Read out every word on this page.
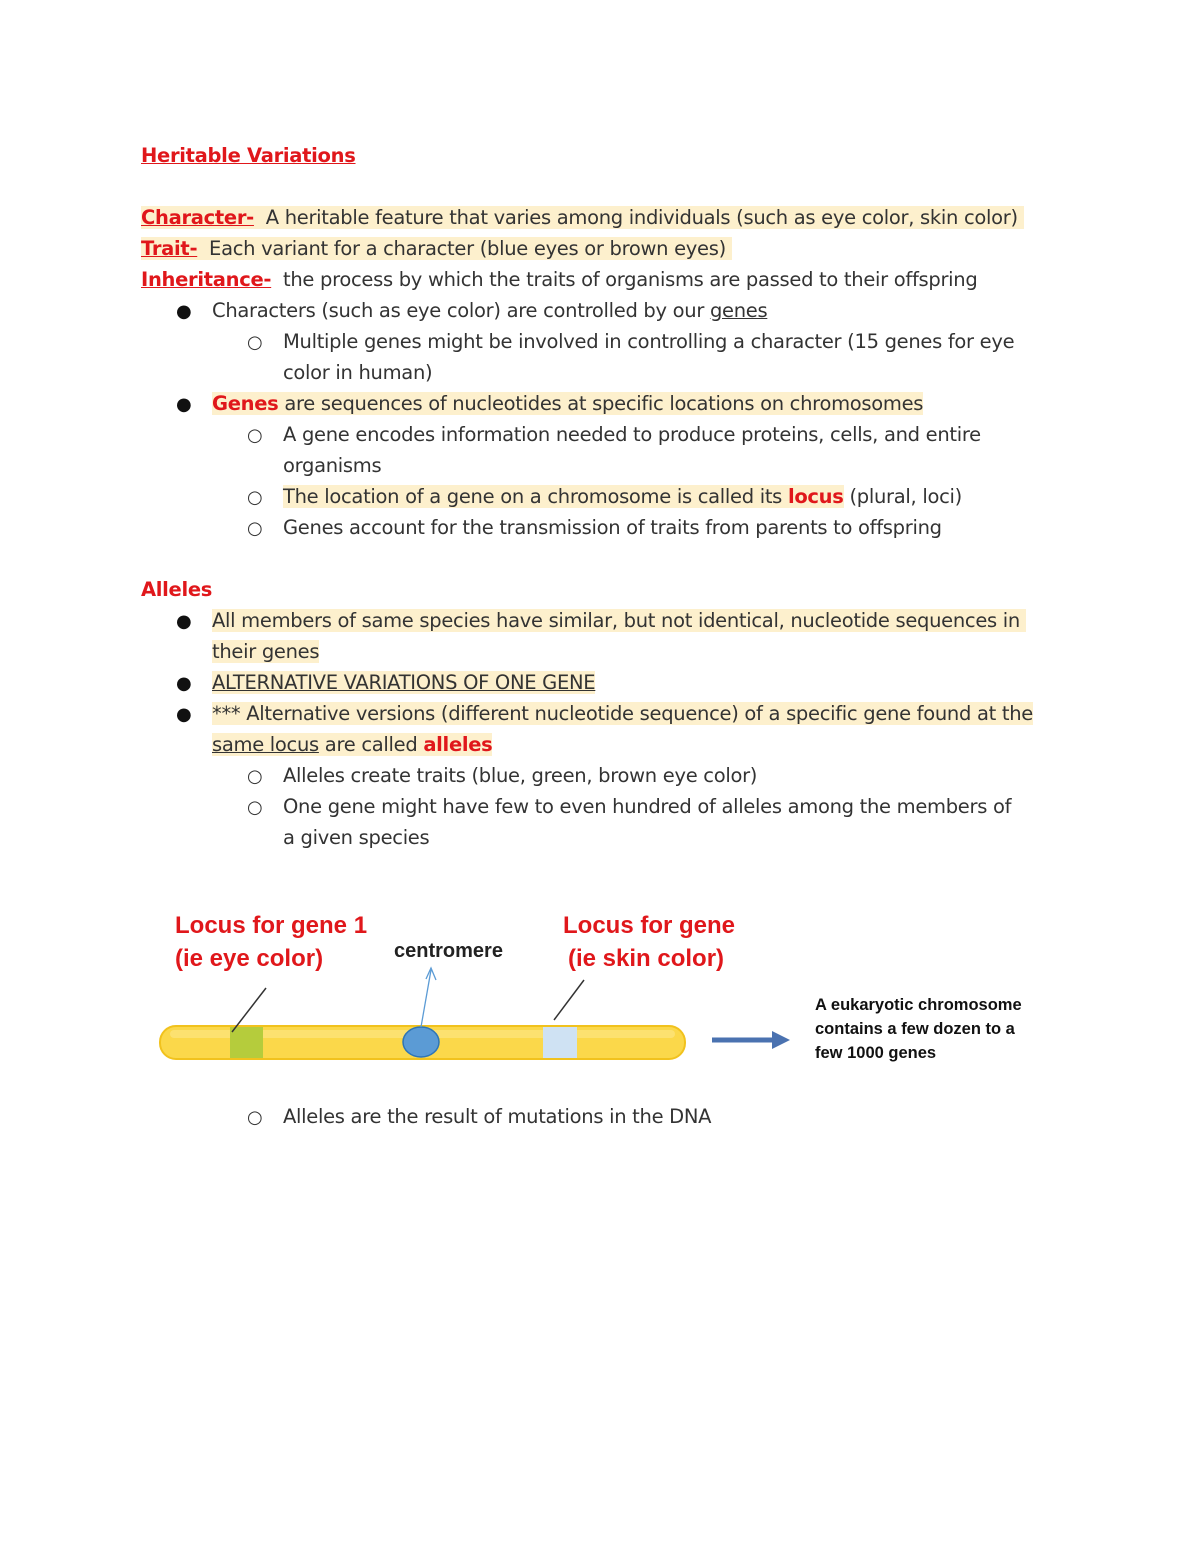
Heritable Variations
Character- A heritable feature that varies among individuals (such as eye color, skin color)
Trait- Each variant for a character (blue eyes or brown eyes)
Inheritance- the process by which the traits of organisms are passed to their offspring
● Characters (such as eye color) are controlled by our genes
○ Multiple genes might be involved in controlling a character (15 genes for eye
color in human)
● Genes are sequences of nucleotides at specific locations on chromosomes
○ A gene encodes information needed to produce proteins, cells, and entire
organisms
○ The location of a gene on a chromosome is called its locus (plural, loci)
○ Genes account for the transmission of traits from parents to offspring
Alleles
● All members of same species have similar, but not identical, nucleotide sequences in
their genes
● ALTERNATIVE VARIATIONS OF ONE GENE
● *** Alternative versions (different nucleotide sequence) of a specific gene found at the
same locus are called alleles
○ Alleles create traits (blue, green, brown eye color)
○ One gene might have few to even hundred of alleles among the members of
a given species
Locus for gene 1
(ie eye color)	centromere
Locus for gene
(ie skin color)
A eukaryotic chromosome
contains a few dozen to a
few 1000 genes
○ Alleles are the result of mutations in the DNA
